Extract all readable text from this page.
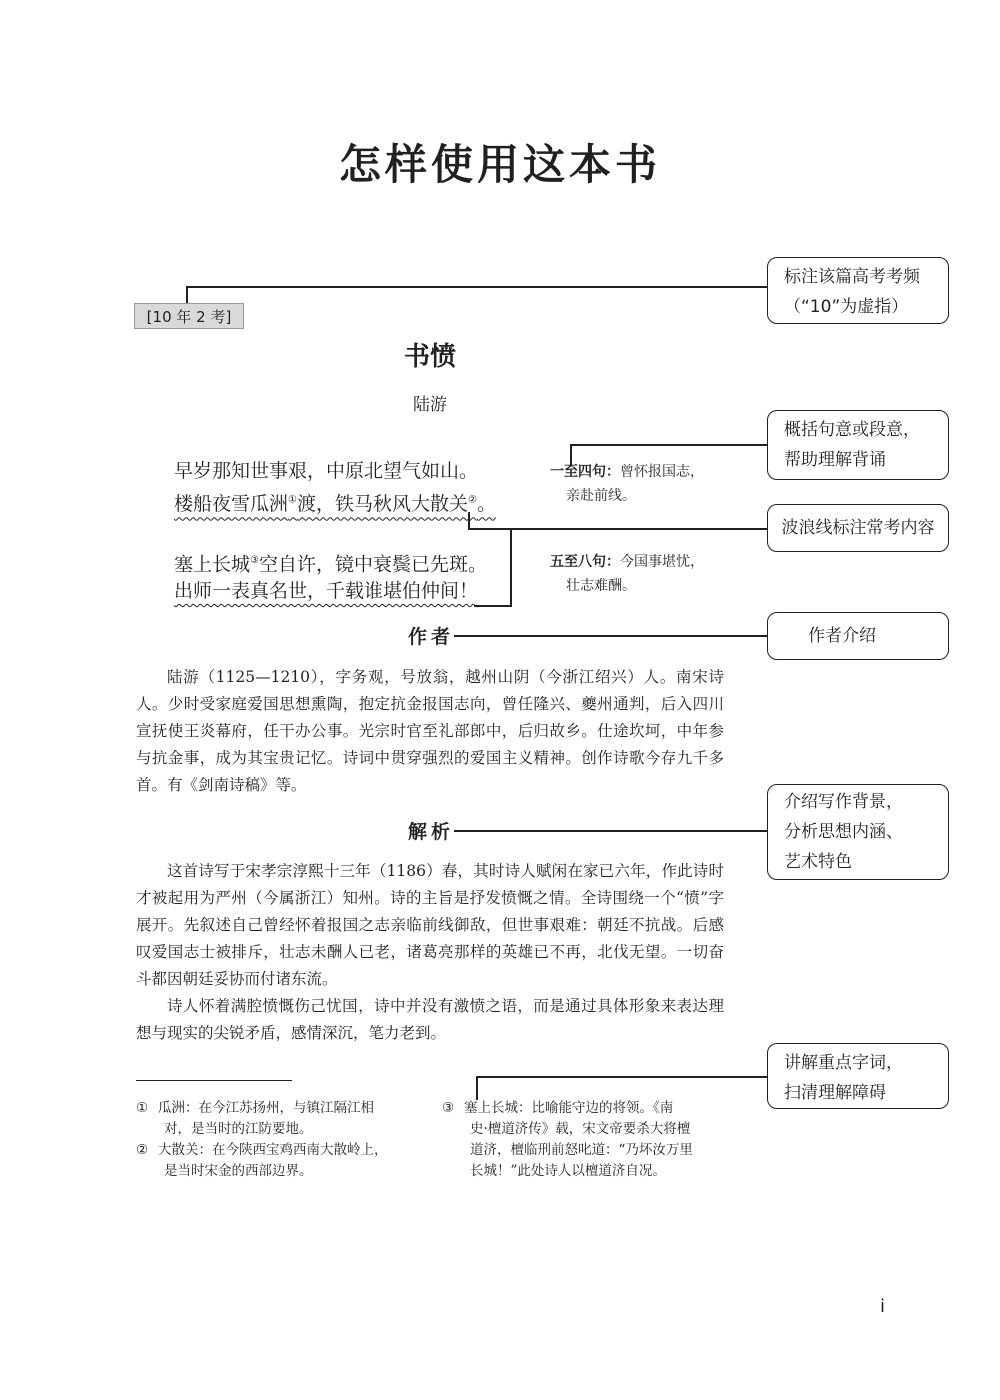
怎样使用这本书
标注该篇高考考频
（“10”为虚指）
概括句意或段意，
帮助理解背诵
波浪线标注常考内容
作者介绍
介绍写作背景，
分析思想内涵、
艺术特色
讲解重点字词，
扫清理解障碍
[10 年 2 考]
书愤
陆游
早岁那知世事艰，中原北望气如山。
楼船夜雪瓜洲①渡，铁马秋风大散关②。
塞上长城③空自许，镜中衰鬓已先斑。
出师一表真名世，千载谁堪伯仲间！
一至四句：曾怀报国志，
亲赴前线。
五至八句：今国事堪忧，
壮志难酬。
作者

陆游（1125—1210），字务观，号放翁，越州山阴（今浙江绍兴）人。南宋诗人。少时受家庭爱国思想熏陶，抱定抗金报国志向，曾任隆兴、夔州通判，后入四川宣抚使王炎幕府，任干办公事。光宗时官至礼部郎中，后归故乡。仕途坎坷，中年参与抗金事，成为其宝贵记忆。诗词中贯穿强烈的爱国主义精神。创作诗歌今存九千多首。有《剑南诗稿》等。

解析

这首诗写于宋孝宗淳熙十三年（1186）春，其时诗人赋闲在家已六年，作此诗时才被起用为严州（今属浙江）知州。诗的主旨是抒发愤慨之情。全诗围绕一个“愤”字展开。先叙述自己曾经怀着报国之志亲临前线御敌，但世事艰难：朝廷不抗战。后感叹爱国志士被排斥，壮志未酬人已老，诸葛亮那样的英雄已不再，北伐无望。一切奋斗都因朝廷妥协而付诸东流。

诗人怀着满腔愤慨伤己忧国，诗中并没有激愤之语，而是通过具体形象来表达理想与现实的尖锐矛盾，感情深沉，笔力老到。

① 瓜洲：在今江苏扬州，与镇江隔江相
对，是当时的江防要地。
② 大散关：在今陕西宝鸡西南大散岭上，
是当时宋金的西部边界。
③ 塞上长城：比喻能守边的将领。《南
史·檀道济传》载，宋文帝要杀大将檀
道济，檀临刑前怒叱道：“乃坏汝万里
长城！”此处诗人以檀道济自况。
i
